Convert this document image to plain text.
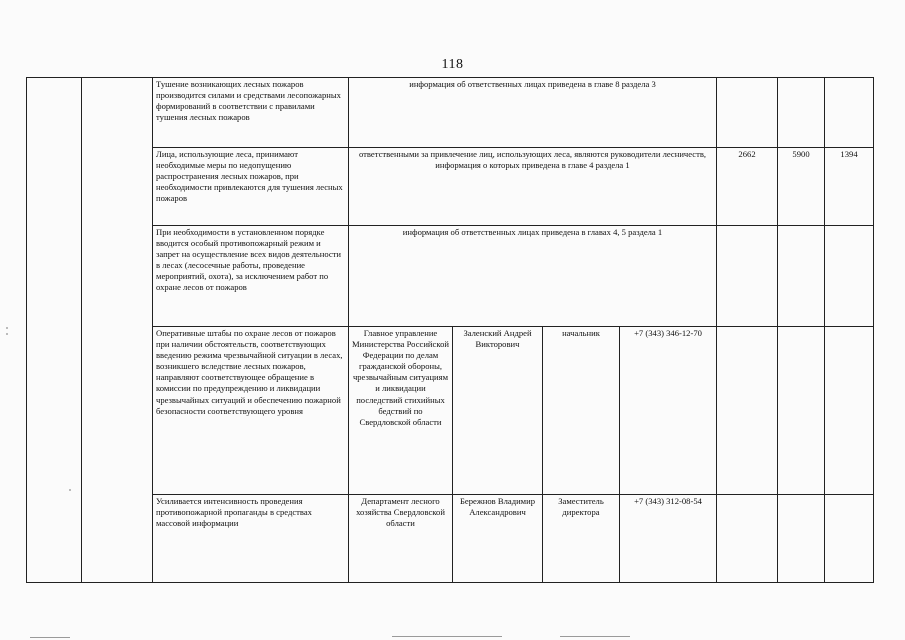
118
		Тушение возникающих лесных пожаров производится силами и средствами лесопожарных формирований в соответствии с правилами тушения лесных пожаров	информация об ответственных лицах приведена в главе 8 раздела 3						
		Лица, использующие леса, принимают необходимые меры по недопущению распространения лесных пожаров, при необходимости привлекаются для тушения лесных пожаров	ответственными за привлечение лиц, использующих леса, являются руководители лесничеств, информация о которых приведена в главе 4 раздела 1				2662	5900	1394
		При необходимости в установленном порядке вводится особый противопожарный режим и запрет на осуществление всех видов деятельности в лесах (лесосечные работы, проведение мероприятий, охота), за исключением работ по охране лесов от пожаров	информация об ответственных лицах приведена в главах 4, 5 раздела 1						
		Оперативные штабы по охране лесов от пожаров при наличии обстоятельств, соответствующих введению режима чрезвычайной ситуации в лесах, возникшего вследствие лесных пожаров, направляют соответствующее обращение в комиссии по предупреждению и ликвидации чрезвычайных ситуаций и обеспечению пожарной безопасности соответствующего уровня	Главное управление Министерства Российской Федерации по делам гражданской обороны, чрезвычайным ситуациям и ликвидации последствий стихийных бедствий по Свердловской области	Заленский Андрей Викторович	начальник	+7 (343) 346-12-70			
		Усиливается интенсивность проведения противопожарной пропаганды в средствах массовой информации	Департамент лесного хозяйства Свердловской области	Бережнов Владимир Александрович	Заместитель директора	+7 (343) 312-08-54			
